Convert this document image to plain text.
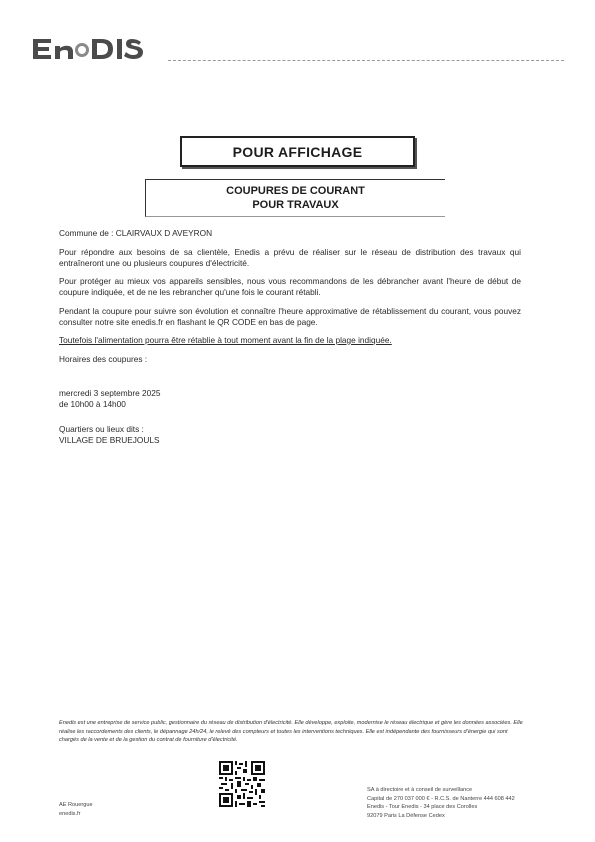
POUR AFFICHAGE
COUPURES DE COURANT
POUR TRAVAUX

Commune de : CLAIRVAUX D AVEYRON

Pour répondre aux besoins de sa clientèle, Enedis a prévu de réaliser sur le réseau de distribution des travaux qui entraîneront une ou plusieurs coupures d'électricité.

Pour protéger au mieux vos appareils sensibles, nous vous recommandons de les débrancher avant l'heure de début de coupure indiquée, et de ne les rebrancher qu'une fois le courant rétabli.

Pendant la coupure pour suivre son évolution et connaître l'heure approximative de rétablissement du courant, vous pouvez consulter notre site enedis.fr en flashant le QR CODE en bas de page.

Toutefois l'alimentation pourra être rétablie à tout moment avant la fin de la plage indiquée.

Horaires des coupures :

mercredi 3 septembre 2025

de 10h00 à 14h00

Quartiers ou lieux dits :

VILLAGE DE BRUEJOULS

Enedis est une entreprise de service public, gestionnaire du réseau de distribution d'électricité. Elle développe, exploite, modernise le réseau électrique et gère les données associées. Elle réalise les raccordements des clients, le dépannage 24h/24, le relevé des compteurs et toutes les interventions techniques. Elle est indépendante des fournisseurs d'énergie qui sont chargés de la vente et de la gestion du contrat de fourniture d'électricité.
AE Rouergue
enedis.fr
SA à directoire et à conseil de surveillance
Capital de 270 037 000 € - R.C.S. de Nanterre 444 608 442
Enedis - Tour Enedis - 34 place des Corolles
92079 Paris La Défense Cedex
